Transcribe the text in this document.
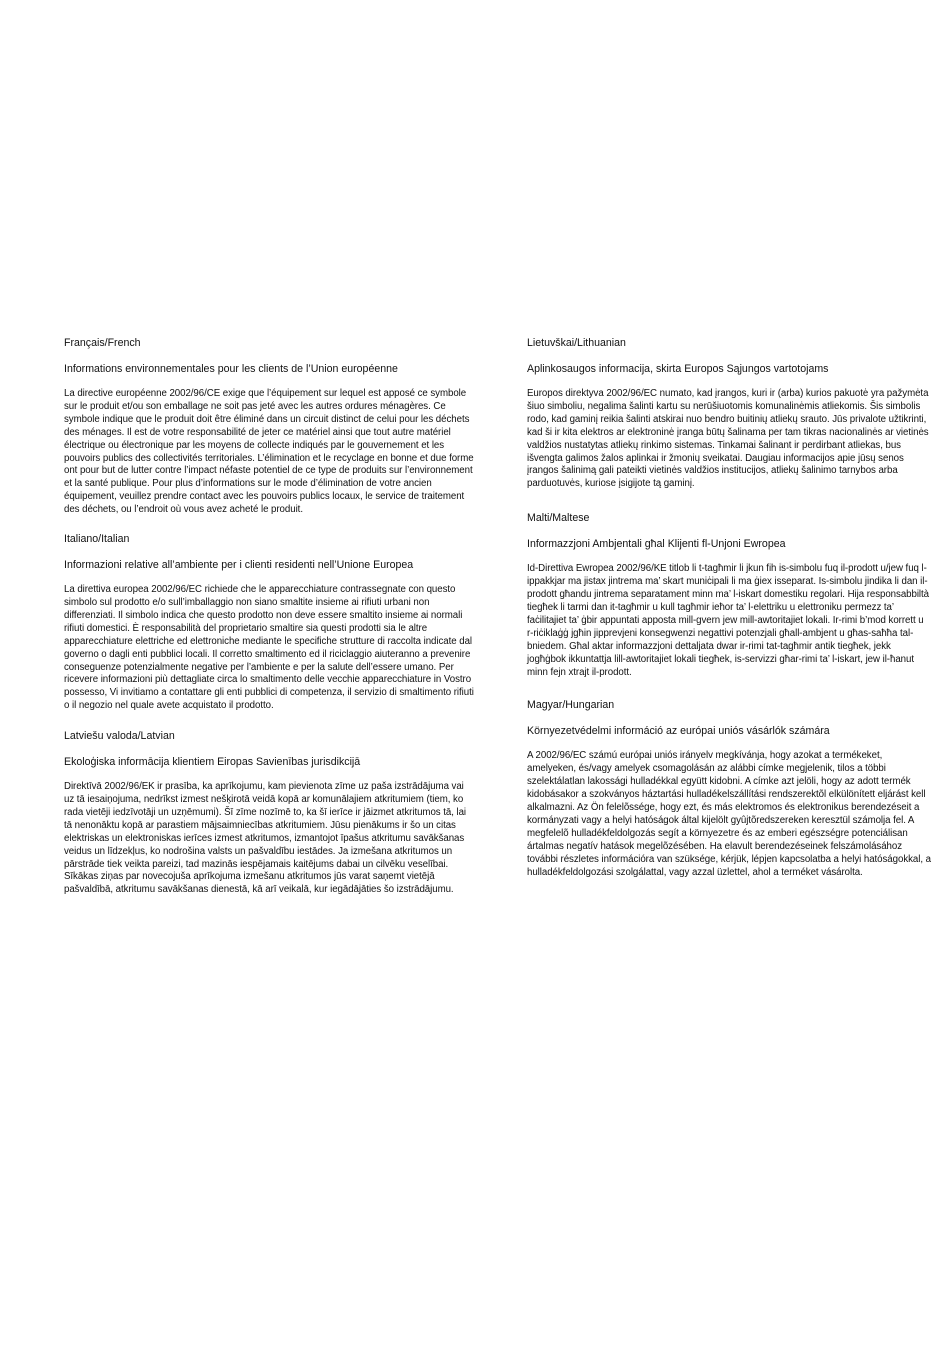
Français/French

Informations environnementales pour les clients de l’Union européenne

La directive européenne 2002/96/CE exige que l’équipement sur lequel est apposé ce symbole sur le produit et/ou son emballage ne soit pas jeté avec les autres ordures ménagères. Ce symbole indique que le produit doit être éliminé dans un circuit distinct de celui pour les déchets des ménages. Il est de votre responsabilité de jeter ce matériel ainsi que tout autre matériel électrique ou électronique par les moyens de collecte indiqués par le gouvernement et les pouvoirs publics des collectivités territoriales. L’élimination et le recyclage en bonne et due forme ont pour but de lutter contre l’impact néfaste potentiel de ce type de produits sur l’environnement et la santé publique. Pour plus d’informations sur le mode d’élimination de votre ancien équipement, veuillez prendre contact avec les pouvoirs publics locaux, le service de traitement des déchets, ou l’endroit où vous avez acheté le produit.

Italiano/Italian

Informazioni relative all’ambiente per i clienti residenti nell’Unione Europea

La direttiva europea 2002/96/EC richiede che le apparecchiature contrassegnate con questo simbolo sul prodotto e/o sull’imballaggio non siano smaltite insieme ai rifiuti urbani non differenziati. Il simbolo indica che questo prodotto non deve essere smaltito insieme ai normali rifiuti domestici. È responsabilità del proprietario smaltire sia questi prodotti sia le altre apparecchiature elettriche ed elettroniche mediante le specifiche strutture di raccolta indicate dal governo o dagli enti pubblici locali. Il corretto smaltimento ed il riciclaggio aiuteranno a prevenire conseguenze potenzialmente negative per l’ambiente e per la salute dell’essere umano. Per ricevere informazioni più dettagliate circa lo smaltimento delle vecchie apparecchiature in Vostro possesso, Vi invitiamo a contattare gli enti pubblici di competenza, il servizio di smaltimento rifiuti o il negozio nel quale avete acquistato il prodotto.

Latviešu valoda/Latvian

Ekoloģiska informācija klientiem Eiropas Savienības jurisdikcijā

Direktīvā 2002/96/EK ir prasība, ka aprīkojumu, kam pievienota zīme uz paša izstrādājuma vai uz tā iesaiņojuma, nedrīkst izmest nešķirotā veidā kopā ar komunālajiem atkritumiem (tiem, ko rada vietēji iedzīvotāji un uzņēmumi). Šī zīme nozīmē to, ka šī ierīce ir jāizmet atkritumos tā, lai tā nenonāktu kopā ar parastiem mājsaimniecības atkritumiem. Jūsu pienākums ir šo un citas elektriskas un elektroniskas ierīces izmest atkritumos, izmantojot īpašus atkritumu savākšanas veidus un līdzekļus, ko nodrošina valsts un pašvaldību iestādes. Ja izmešana atkritumos un pārstrāde tiek veikta pareizi, tad mazinās iespējamais kaitējums dabai un cilvēku veselībai. Sīkākas ziņas par novecojuša aprīkojuma izmešanu atkritumos jūs varat saņemt vietējā pašvaldībā, atkritumu savākšanas dienestā, kā arī veikalā, kur iegādājāties šo izstrādājumu.

Lietuvškai/Lithuanian

Aplinkosaugos informacija, skirta Europos Sąjungos vartotojams

Europos direktyva 2002/96/EC numato, kad įrangos, kuri ir (arba) kurios pakuotė yra pažymėta šiuo simboliu, negalima šalinti kartu su nerūšiuotomis komunalinėmis atliekomis. Šis simbolis rodo, kad gaminį reikia šalinti atskirai nuo bendro buitinių atliekų srauto. Jūs privalote užtikrinti, kad ši ir kita elektros ar elektroninė įranga būtų šalinama per tam tikras nacionalinės ar vietinės valdžios nustatytas atliekų rinkimo sistemas. Tinkamai šalinant ir perdirbant atliekas, bus išvengta galimos žalos aplinkai ir žmonių sveikatai. Daugiau informacijos apie jūsų senos įrangos šalinimą gali pateikti vietinės valdžios institucijos, atliekų šalinimo tarnybos arba parduotuvės, kuriose įsigijote tą gaminį.

Malti/Maltese

Informazzjoni Ambjentali għal Klijenti fl-Unjoni Ewropea

Id-Direttiva Ewropea 2002/96/KE titlob li t-tagħmir li jkun fih is-simbolu fuq il-prodott u/jew fuq l-ippakkjar ma jistax jintrema ma’ skart muniċipali li ma ġiex isseparat. Is-simbolu jindika li dan il-prodott għandu jintrema separatament minn ma’ l-iskart domestiku regolari. Hija responsabbiltà tiegħek li tarmi dan it-tagħmir u kull tagħmir ieħor ta’ l-elettriku u elettroniku permezz ta’ faċilitajiet ta’ ġbir appuntati apposta mill-gvern jew mill-awtoritajiet lokali. Ir-rimi b’mod korrett u r-riċiklaġġ jgħin jipprevjeni konsegwenzi negattivi potenzjali għall-ambjent u għas-saħħa tal-bniedem. Għal aktar informazzjoni dettaljata dwar ir-rimi tat-tagħmir antik tiegħek, jekk jogħġbok ikkuntattja lill-awtoritajiet lokali tiegħek, is-servizzi għar-rimi ta’ l-iskart, jew il-ħanut minn fejn xtrajt il-prodott.

Magyar/Hungarian

Környezetvédelmi információ az európai uniós vásárlók számára

A 2002/96/EC számú európai uniós irányelv megkívánja, hogy azokat a termékeket, amelyeken, és/vagy amelyek csomagolásán az alábbi címke megjelenik, tilos a többi szelektálatlan lakossági hulladékkal együtt kidobni. A címke azt jelöli, hogy az adott termék kidobásakor a szokványos háztartási hulladékelszállítási rendszerektõl elkülönített eljárást kell alkalmazni. Az Ön felelõssége, hogy ezt, és más elektromos és elektronikus berendezéseit a kormányzati vagy a helyi hatóságok által kijelölt gyûjtõredszereken keresztül számolja fel. A megfelelõ hulladékfeldolgozás segít a környezetre és az emberi egészségre potenciálisan ártalmas negatív hatások megelõzésében. Ha elavult berendezéseinek felszámolásához további részletes információra van szüksége, kérjük, lépjen kapcsolatba a helyi hatóságokkal, a hulladékfeldolgozási szolgálattal, vagy azzal üzlettel, ahol a terméket vásárolta.
